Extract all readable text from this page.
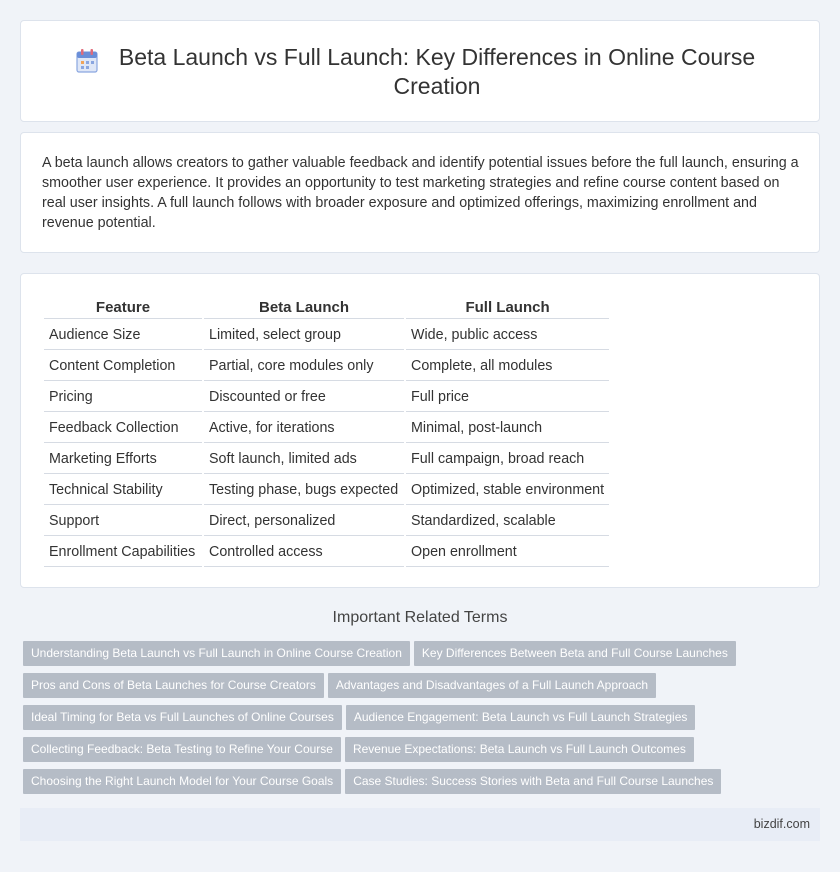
Beta Launch vs Full Launch: Key Differences in Online Course Creation

A beta launch allows creators to gather valuable feedback and identify potential issues before the full launch, ensuring a smoother user experience. It provides an opportunity to test marketing strategies and refine course content based on real user insights. A full launch follows with broader exposure and optimized offerings, maximizing enrollment and revenue potential.

Feature	Beta Launch	Full Launch
Audience Size	Limited, select group	Wide, public access
Content Completion	Partial, core modules only	Complete, all modules
Pricing	Discounted or free	Full price
Feedback Collection	Active, for iterations	Minimal, post-launch
Marketing Efforts	Soft launch, limited ads	Full campaign, broad reach
Technical Stability	Testing phase, bugs expected	Optimized, stable environment
Support	Direct, personalized	Standardized, scalable
Enrollment Capabilities	Controlled access	Open enrollment
Important Related Terms
Understanding Beta Launch vs Full Launch in Online Course Creation Key Differences Between Beta and Full Course Launches
Pros and Cons of Beta Launches for Course Creators Advantages and Disadvantages of a Full Launch Approach
Ideal Timing for Beta vs Full Launches of Online Courses Audience Engagement: Beta Launch vs Full Launch Strategies
Collecting Feedback: Beta Testing to Refine Your Course Revenue Expectations: Beta Launch vs Full Launch Outcomes
Choosing the Right Launch Model for Your Course Goals Case Studies: Success Stories with Beta and Full Course Launches
bizdif.com
